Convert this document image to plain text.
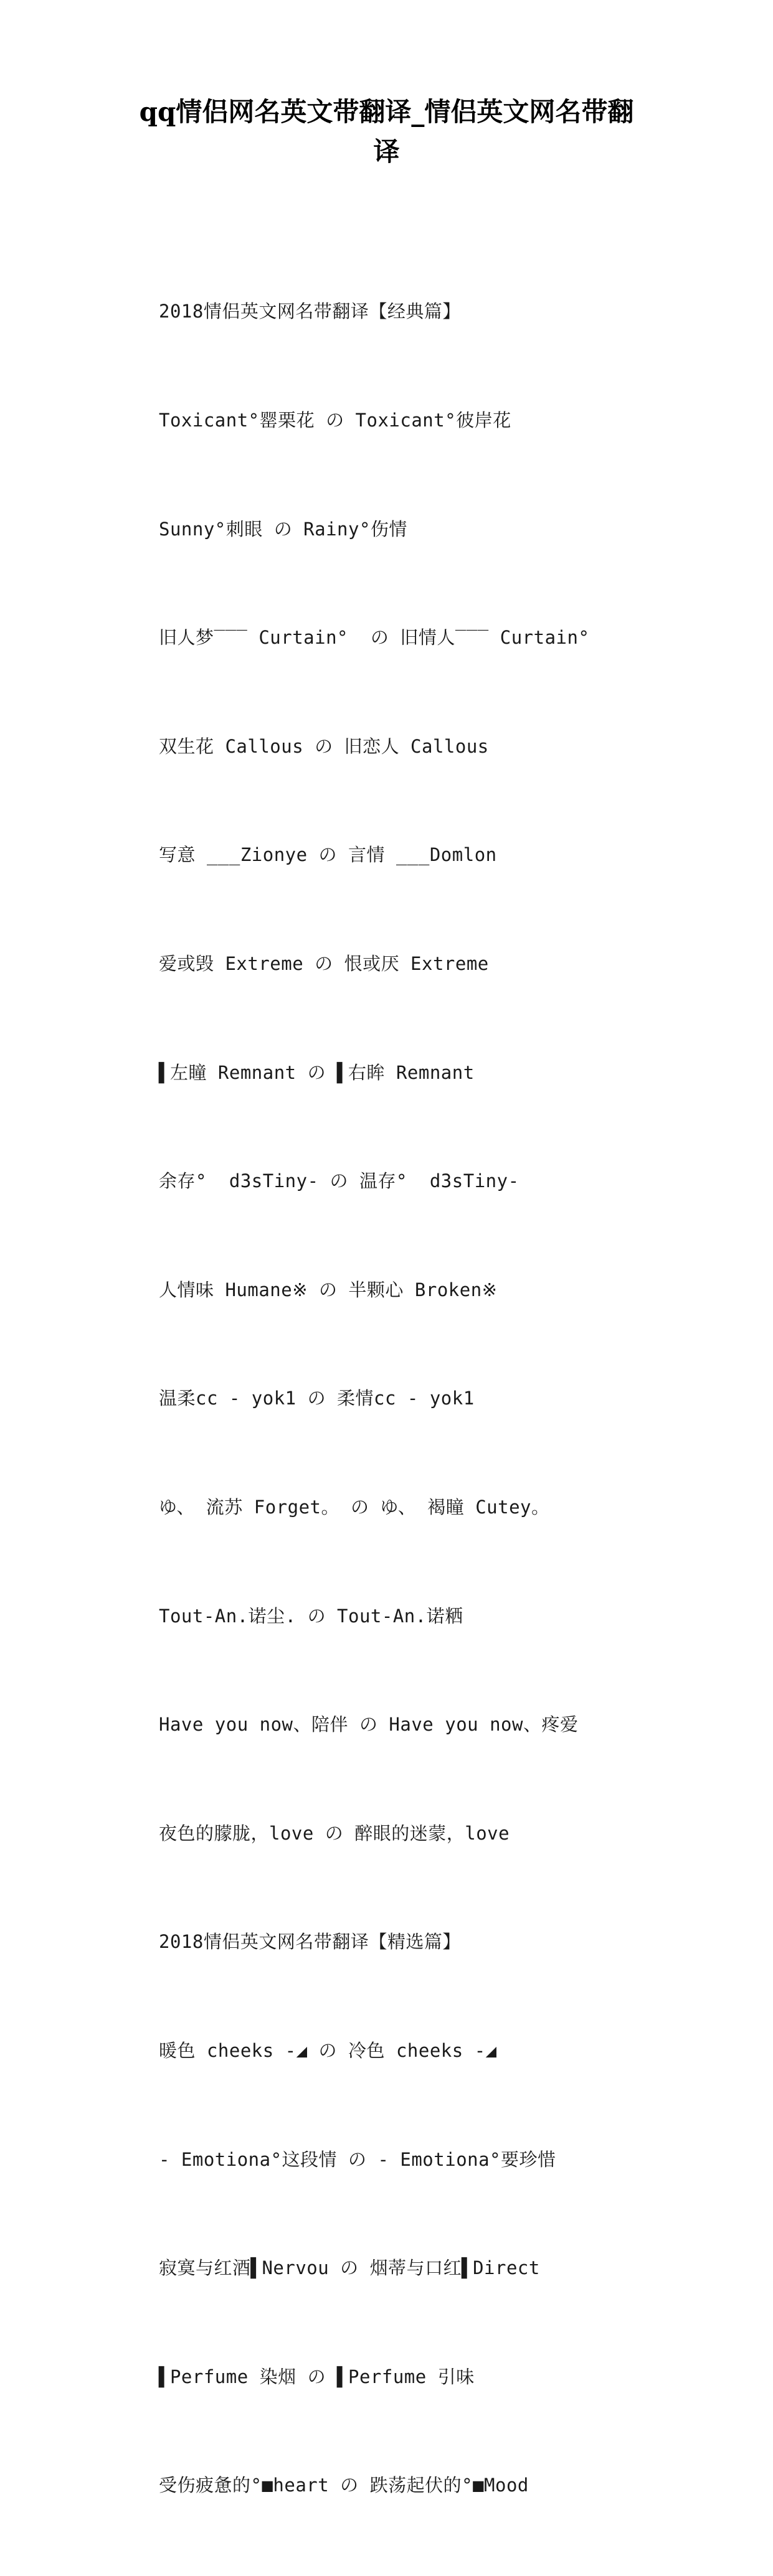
qq情侣网名英文带翻译_情侣英文网名带翻
译

2018情侣英文网名带翻译【经典篇】

Toxicant°罂栗花 の Toxicant°彼岸花

Sunny°刺眼 の Rainy°伤情

旧人梦‾‾‾ Curtain°  の 旧情人‾‾‾ Curtain°

双生花 Callous の 旧恋人 Callous

写意 ___Zionye の 言情 ___Domlon

爱或毁 Extreme の 恨或厌 Extreme

▌左瞳 Remnant の ▌右眸 Remnant

余存°  d3sTiny- の 温存°  d3sTiny-

人情味 Humane※ の 半颗心 Broken※

温柔cc - yok1 の 柔情cc - yok1

ゆ、 流苏 Forget。 の ゆ、 褐瞳 Cutey。

Tout-An.诺尘. の Tout-An.诺粞

Have you now、陪伴 の Have you now、疼爱

夜色的朦胧，love の 醉眼的迷蒙，love

2018情侣英文网名带翻译【精选篇】

暖色 cheeks -◢ の 冷色 cheeks -◢

- Emotiona°这段情 の - Emotiona°要珍惜

寂寞与红酒▌Nervou の 烟蒂与口红▌Direct

▌Perfume 染烟 の ▌Perfume 引味

受伤疲惫的°■heart の 跌荡起伏的°■Mood
